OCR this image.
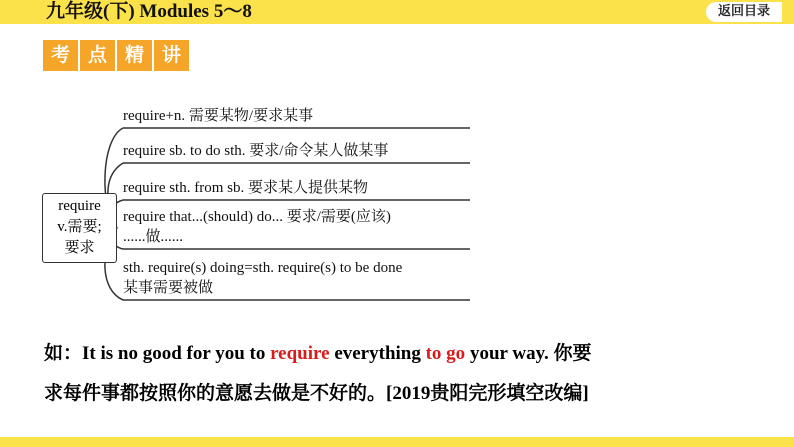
九年级(下) Modules 5～8	返回目录
考 点 精 讲
require
v.需要;
要求
require+n. 需要某物/要求某事
require sb. to do sth. 要求/命令某人做某事
require sth. from sb. 要求某人提供某物
require that...(should) do... 要求/需要(应该)
......做......
sth. require(s) doing=sth. require(s) to be done
某事需要被做
如：It is no good for you to require everything to go your way. 你要
求每件事都按照你的意愿去做是不好的。[2019贵阳完形填空改编]
